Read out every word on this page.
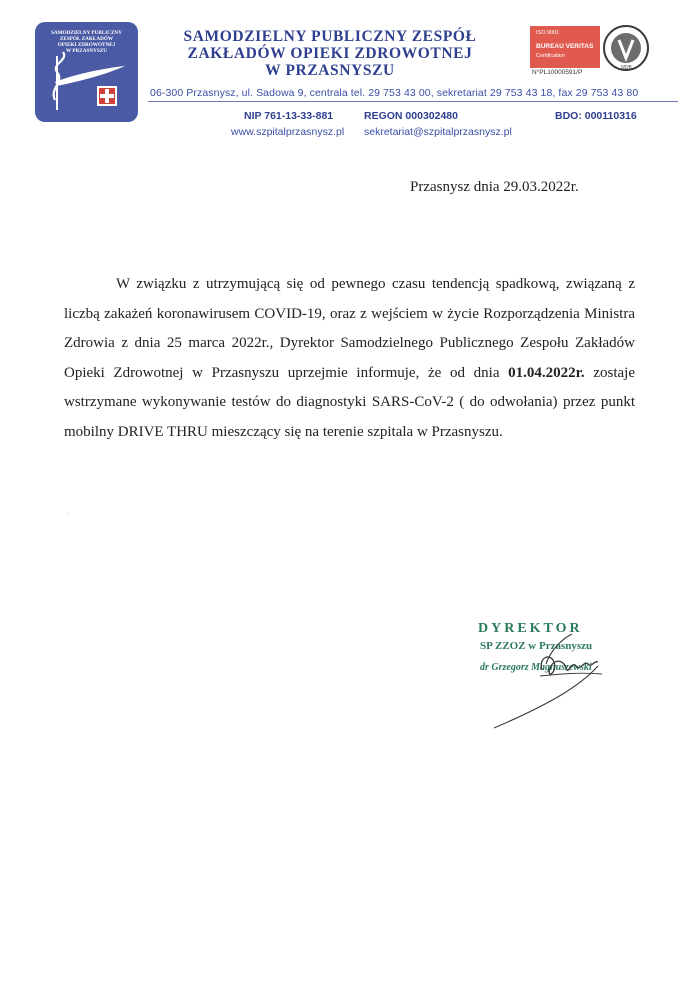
SAMODZIELNY PUBLICZNY
ZESPÓŁ ZAKŁADÓW
OPIEKI ZDROWOTNEJ
W PRZASNYSZU
SAMODZIELNY PUBLICZNY ZESPÓŁ
ZAKŁADÓW OPIEKI ZDROWOTNEJ
W PRZASNYSZU
ISO 9001
BUREAU VERITAS
Certification
N°PL10000591/P
1828
06-300 Przasnysz, ul. Sadowa 9, centrala tel. 29 753 43 00, sekretariat 29 753 43 18, fax 29 753 43 80
NIP 761-13-33-881	REGON 000302480	BDO: 000110316
www.szpitalprzasnysz.pl sekretariat@szpitalprzasnysz.pl
·
Przasnysz dnia 29.03.2022r.

W związku z utrzymującą się od pewnego czasu tendencją spadkową, związaną z liczbą zakażeń koronawirusem COVID-19, oraz z wejściem w życie Rozporządzenia Ministra Zdrowia z dnia 25 marca 2022r., Dyrektor Samodzielnego Publicznego Zespołu Zakładów Opieki Zdrowotnej w Przasnyszu uprzejmie informuje, że od dnia 01.04.2022r. zostaje wstrzymane wykonywanie testów do diagnostyki SARS-CoV-2 ( do odwołania) przez punkt mobilny DRIVE THRU mieszczący się na terenie szpitala w Przasnyszu.

DYREKTOR
SP ZZOZ w Przasnyszu
dr Grzegorz Magnuszewski
